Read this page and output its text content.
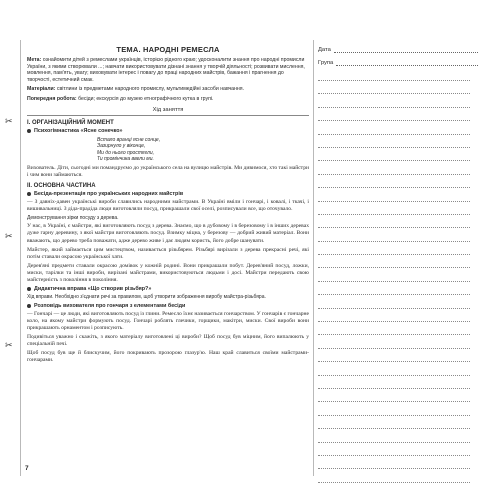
✂
✂
✂
ТЕМА. НАРОДНІ РЕМЕСЛА
Мета: ознайомити дітей з ремеслами українців, історією рідного краю; удосконалити знання про народні промисли України, з якими створювали ...; навчати використовувати дізнані знання у творчій діяльності; розвивати мислення, мовлення, пам'ять, увагу; виховувати інтерес і повагу до праці народних майстрів, бажання і прагнення до творчості, естетичний смак.
Матеріали: світлини із предметами народного промислу, мультимедійні засоби навчання.
Попередня робота: бесіди; екскурсія до музею етнографічного кутка в групі.
Хід заняття
I. ОРГАНІЗАЦІЙНИЙ МОМЕНТ
Психогімнастика «Ясне сонечко»
Встало вранці ясне сонце,
Зазирнуло у віконце,
Ми до нього простягли,
Ти промінчика ввели ми.
Вихователь. Діти, сьогодні ми помандруємо до українського села на вулицю майстрів. Ми дивимося, хто такі майстри і чим вони займаються.
II. ОСНОВНА ЧАСТИНА
Бесіда-презентація про українських народних майстрів
— З давніх-давен українські вироби славились народними майстрами. В Україні вміли і гончарі, і ковалі, і ткачі, і вишивальниці. З діда-прадіда люди виготовляли посуд, прикрашали свої оселі, розписували все, що оточувало.
Демонстрування зірки посуду з дерева.
У нас, в Україні, є майстри, які виготовляють посуд з дерева. Знаємо, що в дубовому і в березовому і в інших деревах дуже гарну деревину, з якої майстри виготовляють посуд. Взимку міцна, у березову — добрий живий матеріал. Вони вважають, що дерево треба поважати, адже дерево живе і дає людям користь, його добре шанувати.
Майстер, який займається цим мистецтвом, називається різьбярем. Різьбярі вирізали з дерева прекрасні речі, які потім ставали окрасою української хати.
Дерев'яні предмети ставали окрасою домівок у кожній родині. Вони прикрашали побут. Дерев'яний посуд, ложки, миски, тарілки та інші вироби, вирізані майстрами, використовуються людьми і досі. Майстри передають свою майстерність з покоління в покоління.
Дидактична вправа «Що створив різьбяр?»
Хід вправи. Необхідно з'єднати речі за правилом, щоб утворити зображення виробу майстра-різьбяра.
Розповідь вихователя про гончаря з елементами бесіди
— Гончарі — це люди, які виготовляють посуд із глини. Ремесло їхнє називається гончарством. У гончарів є гончарне коло, на якому майстри формують посуд. Гончарі роблять глечики, горщики, макітри, миски. Свої вироби вони прикрашають орнаментом і розписують.
Подивіться уважно і скажіть, з якого матеріалу виготовлені ці вироби? Щоб посуд був міцним, його випалюють у спеціальній печі.
Щоб посуд був ще й блискучим, його покривають прозорою глазур'ю. Наш край славиться своїми майстрами-гончарами.
7
Дата
Група
